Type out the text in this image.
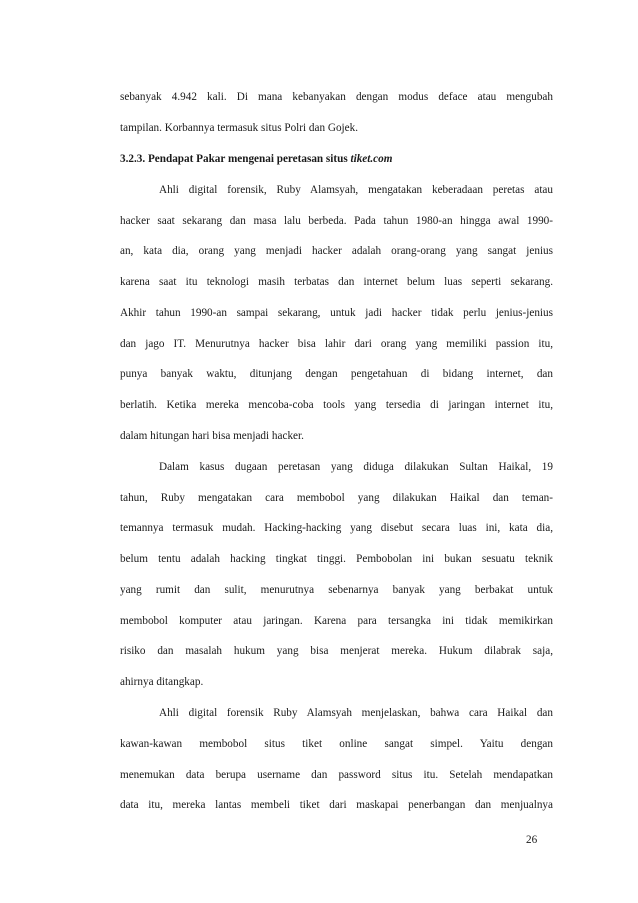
sebanyak 4.942 kali. Di mana kebanyakan dengan modus deface atau mengubah
tampilan. Korbannya termasuk situs Polri dan Gojek.
3.2.3. Pendapat Pakar mengenai peretasan situs tiket.com
Ahli digital forensik, Ruby Alamsyah, mengatakan keberadaan peretas atau
hacker saat sekarang dan masa lalu berbeda. Pada tahun 1980-an hingga awal 1990-
an, kata dia, orang yang menjadi hacker adalah orang-orang yang sangat jenius
karena saat itu teknologi masih terbatas dan internet belum luas seperti sekarang.
Akhir tahun 1990-an sampai sekarang, untuk jadi hacker tidak perlu jenius-jenius
dan jago IT. Menurutnya hacker bisa lahir dari orang yang memiliki passion itu,
punya banyak waktu, ditunjang dengan pengetahuan di bidang internet, dan
berlatih. Ketika mereka mencoba-coba tools yang tersedia di jaringan internet itu,
dalam hitungan hari bisa menjadi hacker.
Dalam kasus dugaan peretasan yang diduga dilakukan Sultan Haikal, 19
tahun, Ruby mengatakan cara membobol yang dilakukan Haikal dan teman-
temannya termasuk mudah. Hacking-hacking yang disebut secara luas ini, kata dia,
belum tentu adalah hacking tingkat tinggi. Pembobolan ini bukan sesuatu teknik
yang rumit dan sulit, menurutnya sebenarnya banyak yang berbakat untuk
membobol komputer atau jaringan. Karena para tersangka ini tidak memikirkan
risiko dan masalah hukum yang bisa menjerat mereka. Hukum dilabrak saja,
ahirnya ditangkap.
Ahli digital forensik Ruby Alamsyah menjelaskan, bahwa cara Haikal dan
kawan-kawan membobol situs tiket online sangat simpel. Yaitu dengan
menemukan data berupa username dan password situs itu. Setelah mendapatkan
data itu, mereka lantas membeli tiket dari maskapai penerbangan dan menjualnya
26
